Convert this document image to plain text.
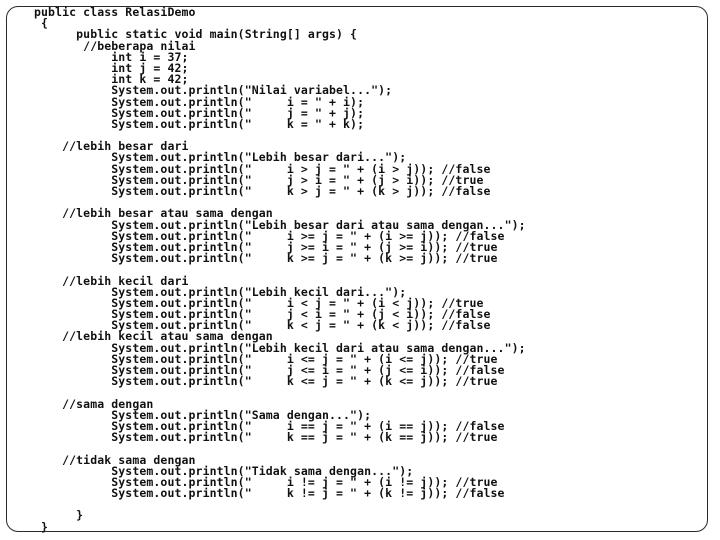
public class RelasiDemo
{
public static void main(String[] args) {
//beberapa nilai
int i = 37;
int j = 42;
int k = 42;
System.out.println("Nilai variabel...");
System.out.println("     i = " + i);
System.out.println("     j = " + j);
System.out.println("     k = " + k);
//lebih besar dari
System.out.println("Lebih besar dari...");
System.out.println("     i > j = " + (i > j)); //false
System.out.println("     j > i = " + (j > i)); //true
System.out.println("     k > j = " + (k > j)); //false
//lebih besar atau sama dengan
System.out.println("Lebih besar dari atau sama dengan...");
System.out.println("     i >= j = " + (i >= j)); //false
System.out.println("     j >= i = " + (j >= i)); //true
System.out.println("     k >= j = " + (k >= j)); //true
//lebih kecil dari
System.out.println("Lebih kecil dari...");
System.out.println("     i < j = " + (i < j)); //true
System.out.println("     j < i = " + (j < i)); //false
System.out.println("     k < j = " + (k < j)); //false
//lebih kecil atau sama dengan
System.out.println("Lebih kecil dari atau sama dengan...");
System.out.println("     i <= j = " + (i <= j)); //true
System.out.println("     j <= i = " + (j <= i)); //false
System.out.println("     k <= j = " + (k <= j)); //true
//sama dengan
System.out.println("Sama dengan...");
System.out.println("     i == j = " + (i == j)); //false
System.out.println("     k == j = " + (k == j)); //true
//tidak sama dengan
System.out.println("Tidak sama dengan...");
System.out.println("     i != j = " + (i != j)); //true
System.out.println("     k != j = " + (k != j)); //false
}
}
